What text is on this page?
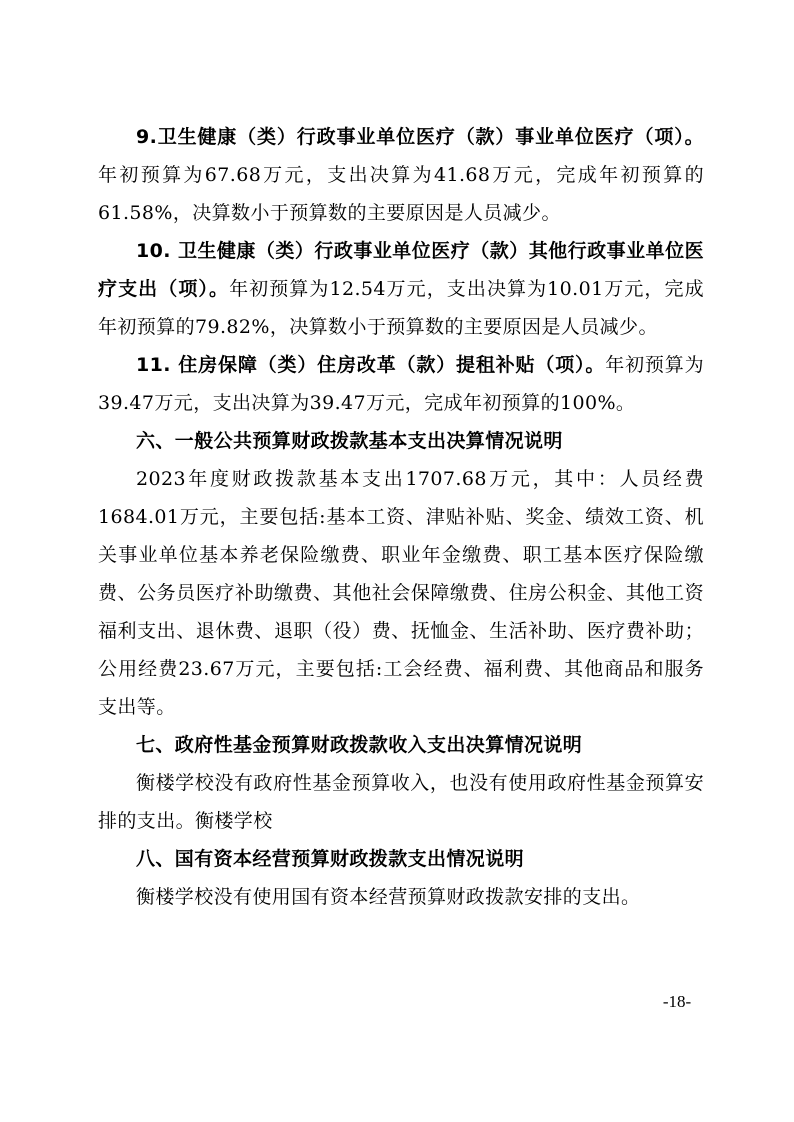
9.卫生健康（类）行政事业单位医疗（款）事业单位医疗（项）。年初预算为67.68万元，支出决算为41.68万元，完成年初预算的61.58%，决算数小于预算数的主要原因是人员减少。

10. 卫生健康（类）行政事业单位医疗（款）其他行政事业单位医疗支出（项）。年初预算为12.54万元，支出决算为10.01万元，完成年初预算的79.82%，决算数小于预算数的主要原因是人员减少。

11. 住房保障（类）住房改革（款）提租补贴（项）。年初预算为39.47万元，支出决算为39.47万元，完成年初预算的100%。

六、一般公共预算财政拨款基本支出决算情况说明

2023年度财政拨款基本支出1707.68万元，其中：人员经费1684.01万元，主要包括:基本工资、津贴补贴、奖金、绩效工资、机关事业单位基本养老保险缴费、职业年金缴费、职工基本医疗保险缴费、公务员医疗补助缴费、其他社会保障缴费、住房公积金、其他工资福利支出、退休费、退职（役）费、抚恤金、生活补助、医疗费补助；公用经费23.67万元，主要包括:工会经费、福利费、其他商品和服务支出等。

七、政府性基金预算财政拨款收入支出决算情况说明

衡楼学校没有政府性基金预算收入，也没有使用政府性基金预算安排的支出。衡楼学校

八、国有资本经营预算财政拨款支出情况说明

衡楼学校没有使用国有资本经营预算财政拨款安排的支出。

-18-
